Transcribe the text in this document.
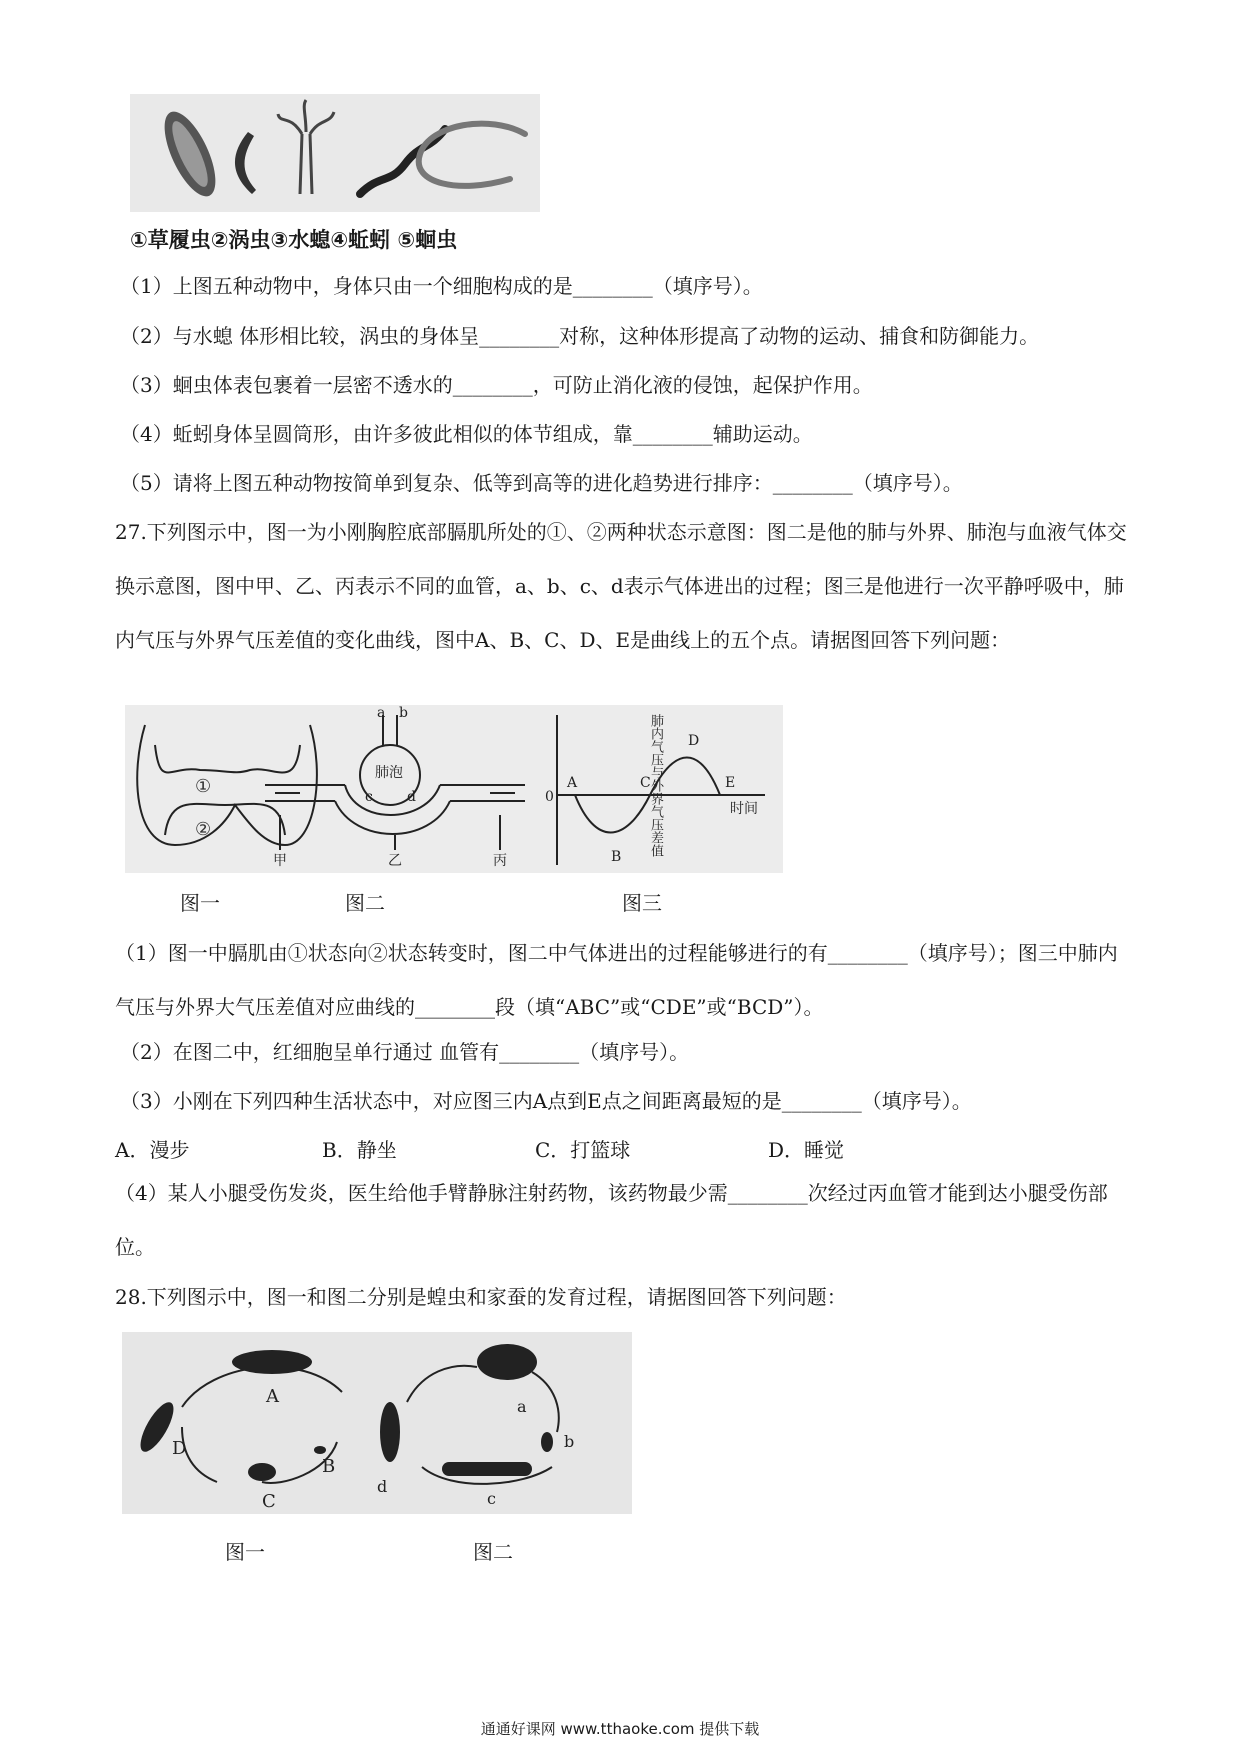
①草履虫②涡虫③水螅④蚯蚓 ⑤蛔虫
（1）上图五种动物中，身体只由一个细胞构成的是________（填序号）。
（2）与水螅 体形相比较，涡虫的身体呈________对称，这种体形提高了动物的运动、捕食和防御能力。
（3）蛔虫体表包裹着一层密不透水的________，可防止消化液的侵蚀，起保护作用。
（4）蚯蚓身体呈圆筒形，由许多彼此相似的体节组成，靠________辅助运动。
（5）请将上图五种动物按简单到复杂、低等到高等的进化趋势进行排序：________（填序号）。
27.下列图示中，图一为小刚胸腔底部膈肌所处的①、②两种状态示意图：图二是他的肺与外界、肺泡与血液气体交换示意图，图中甲、乙、丙表示不同的血管，a、b、c、d表示气体进出的过程；图三是他进行一次平静呼吸中，肺内气压与外界气压差值的变化曲线，图中A、B、C、D、E是曲线上的五个点。请据图回答下列问题：
①
②
a b
肺泡
c d
甲	乙	丙
肺内气压与外界气压差值
0
A
B
C
D
E
时间
图一	图二	图三
（1）图一中膈肌由①状态向②状态转变时，图二中气体进出的过程能够进行的有________（填序号）；图三中肺内气压与外界大气压差值对应曲线的________段（填“ABC”或“CDE”或“BCD”）。
（2）在图二中，红细胞呈单行通过 血管有________（填序号）。
（3）小刚在下列四种生活状态中，对应图三内A点到E点之间距离最短的是________（填序号）。
A．漫步	B．静坐	C．打篮球	D．睡觉
（4）某人小腿受伤发炎，医生给他手臂静脉注射药物，该药物最少需________次经过丙血管才能到达小腿受伤部位。
28.下列图示中，图一和图二分别是蝗虫和家蚕的发育过程，请据图回答下列问题：
A
B
C
D
a
b
c
d
图一	图二
通通好课网 www.tthaoke.com 提供下载
